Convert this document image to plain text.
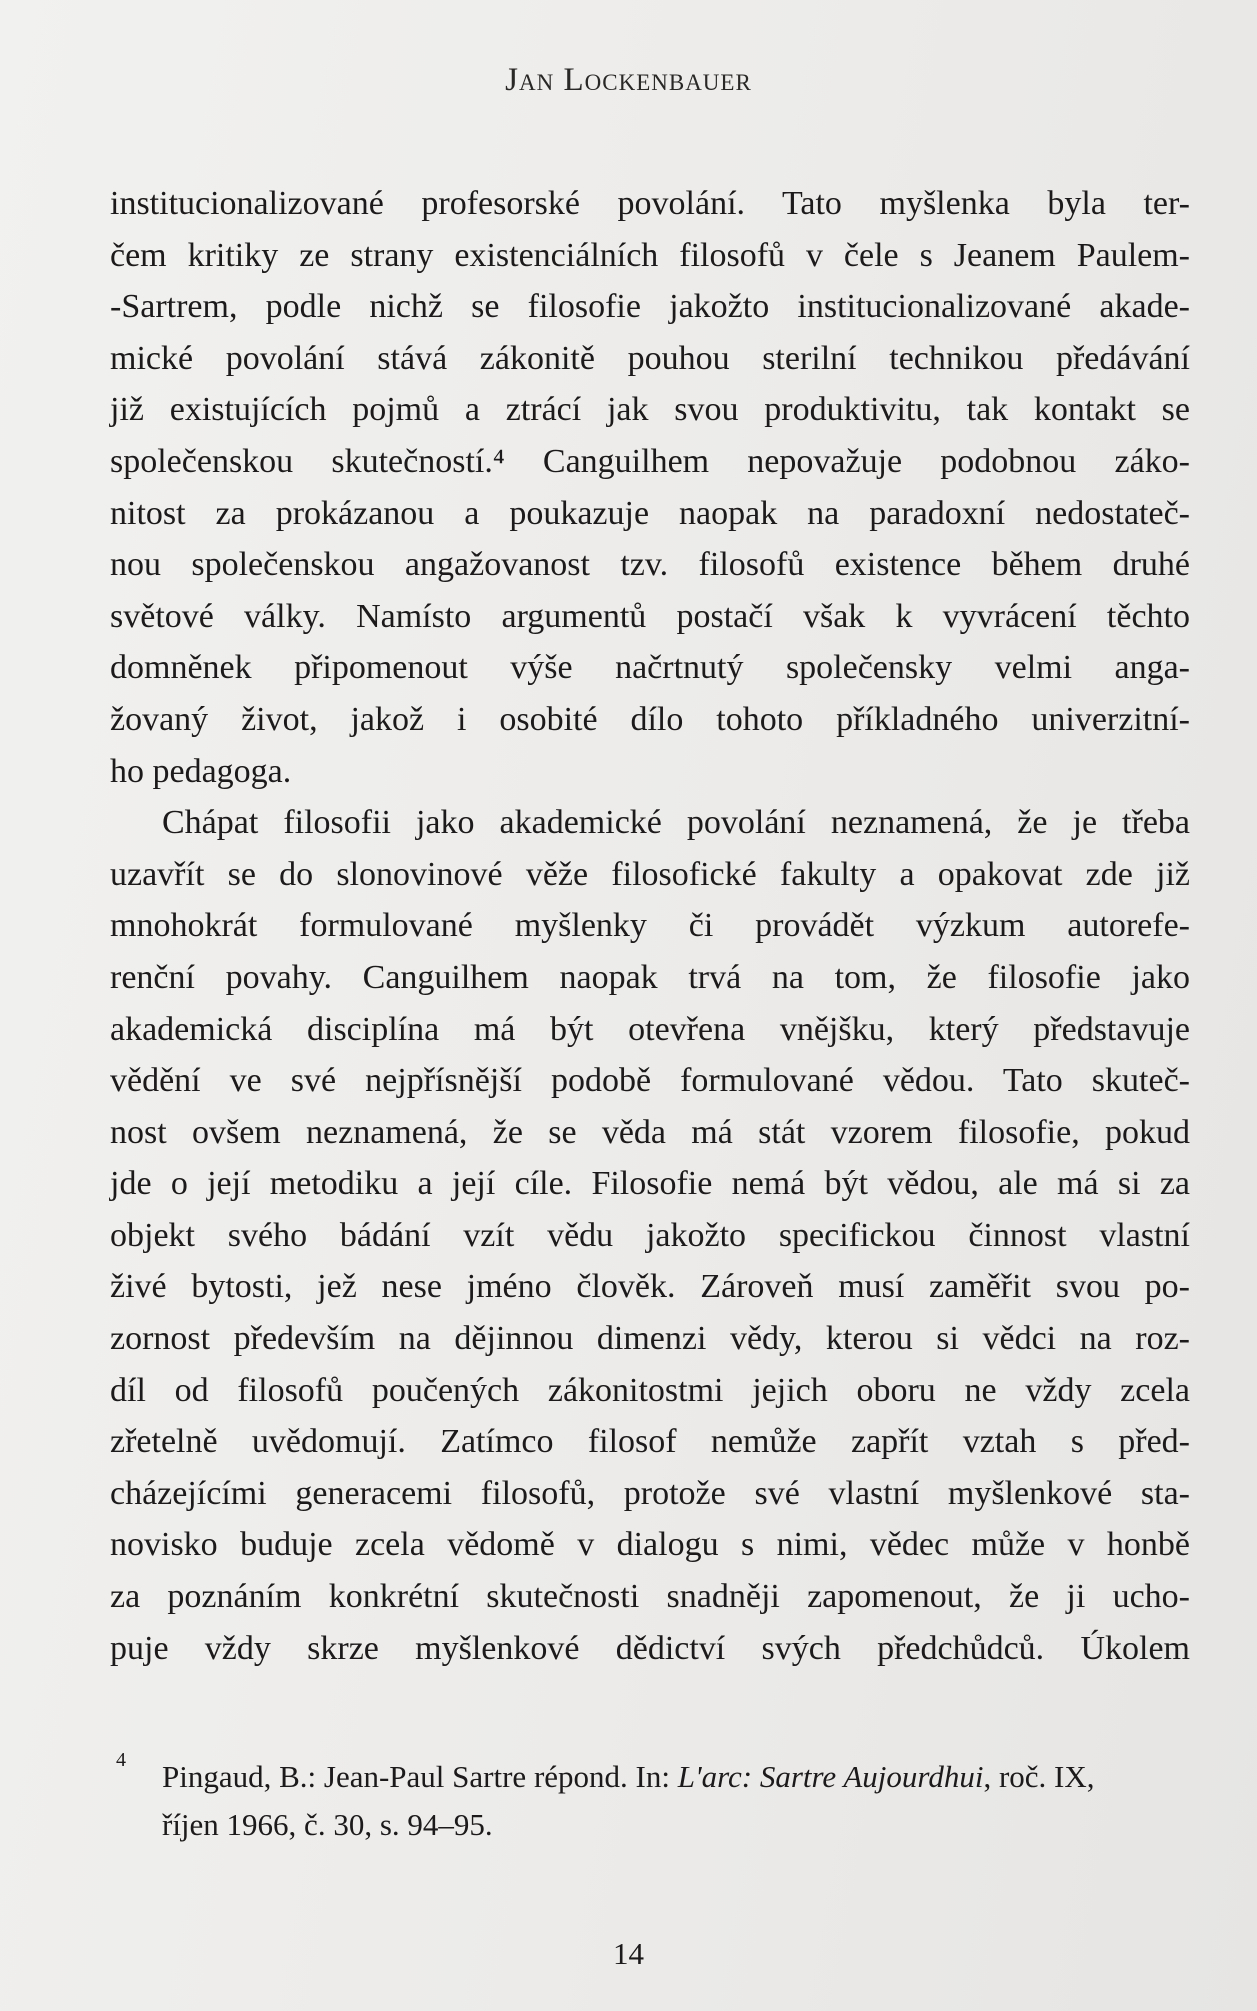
Jan Lockenbauer
institucionalizované profesorské povolání. Tato myšlenka byla ter-
čem kritiky ze strany existenciálních filosofů v čele s Jeanem Paulem-
-Sartrem, podle nichž se filosofie jakožto institucionalizované akade-
mické povolání stává zákonitě pouhou sterilní technikou předávání
již existujících pojmů a ztrácí jak svou produktivitu, tak kontakt se
společenskou skutečností.⁴ Canguilhem nepovažuje podobnou záko-
nitost za prokázanou a poukazuje naopak na paradoxní nedostateč-
nou společenskou angažovanost tzv. filosofů existence během druhé
světové války. Namísto argumentů postačí však k vyvrácení těchto
domněnek připomenout výše načrtnutý společensky velmi anga-
žovaný život, jakož i osobité dílo tohoto příkladného univerzitní-
ho pedagoga.
Chápat filosofii jako akademické povolání neznamená, že je třeba
uzavřít se do slonovinové věže filosofické fakulty a opakovat zde již
mnohokrát formulované myšlenky či provádět výzkum autorefe-
renční povahy. Canguilhem naopak trvá na tom, že filosofie jako
akademická disciplína má být otevřena vnějšku, který představuje
vědění ve své nejpřísnější podobě formulované vědou. Tato skuteč-
nost ovšem neznamená, že se věda má stát vzorem filosofie, pokud
jde o její metodiku a její cíle. Filosofie nemá být vědou, ale má si za
objekt svého bádání vzít vědu jakožto specifickou činnost vlastní
živé bytosti, jež nese jméno člověk. Zároveň musí zaměřit svou po-
zornost především na dějinnou dimenzi vědy, kterou si vědci na roz-
díl od filosofů poučených zákonitostmi jejich oboru ne vždy zcela
zřetelně uvědomují. Zatímco filosof nemůže zapřít vztah s před-
cházejícími generacemi filosofů, protože své vlastní myšlenkové sta-
novisko buduje zcela vědomě v dialogu s nimi, vědec může v honbě
za poznáním konkrétní skutečnosti snadněji zapomenout, že ji ucho-
puje vždy skrze myšlenkové dědictví svých předchůdců. Úkolem
4 Pingaud, B.: Jean-Paul Sartre répond. In: L'arc: Sartre Aujourdhui, roč. IX,
říjen 1966, č. 30, s. 94–95.
14
